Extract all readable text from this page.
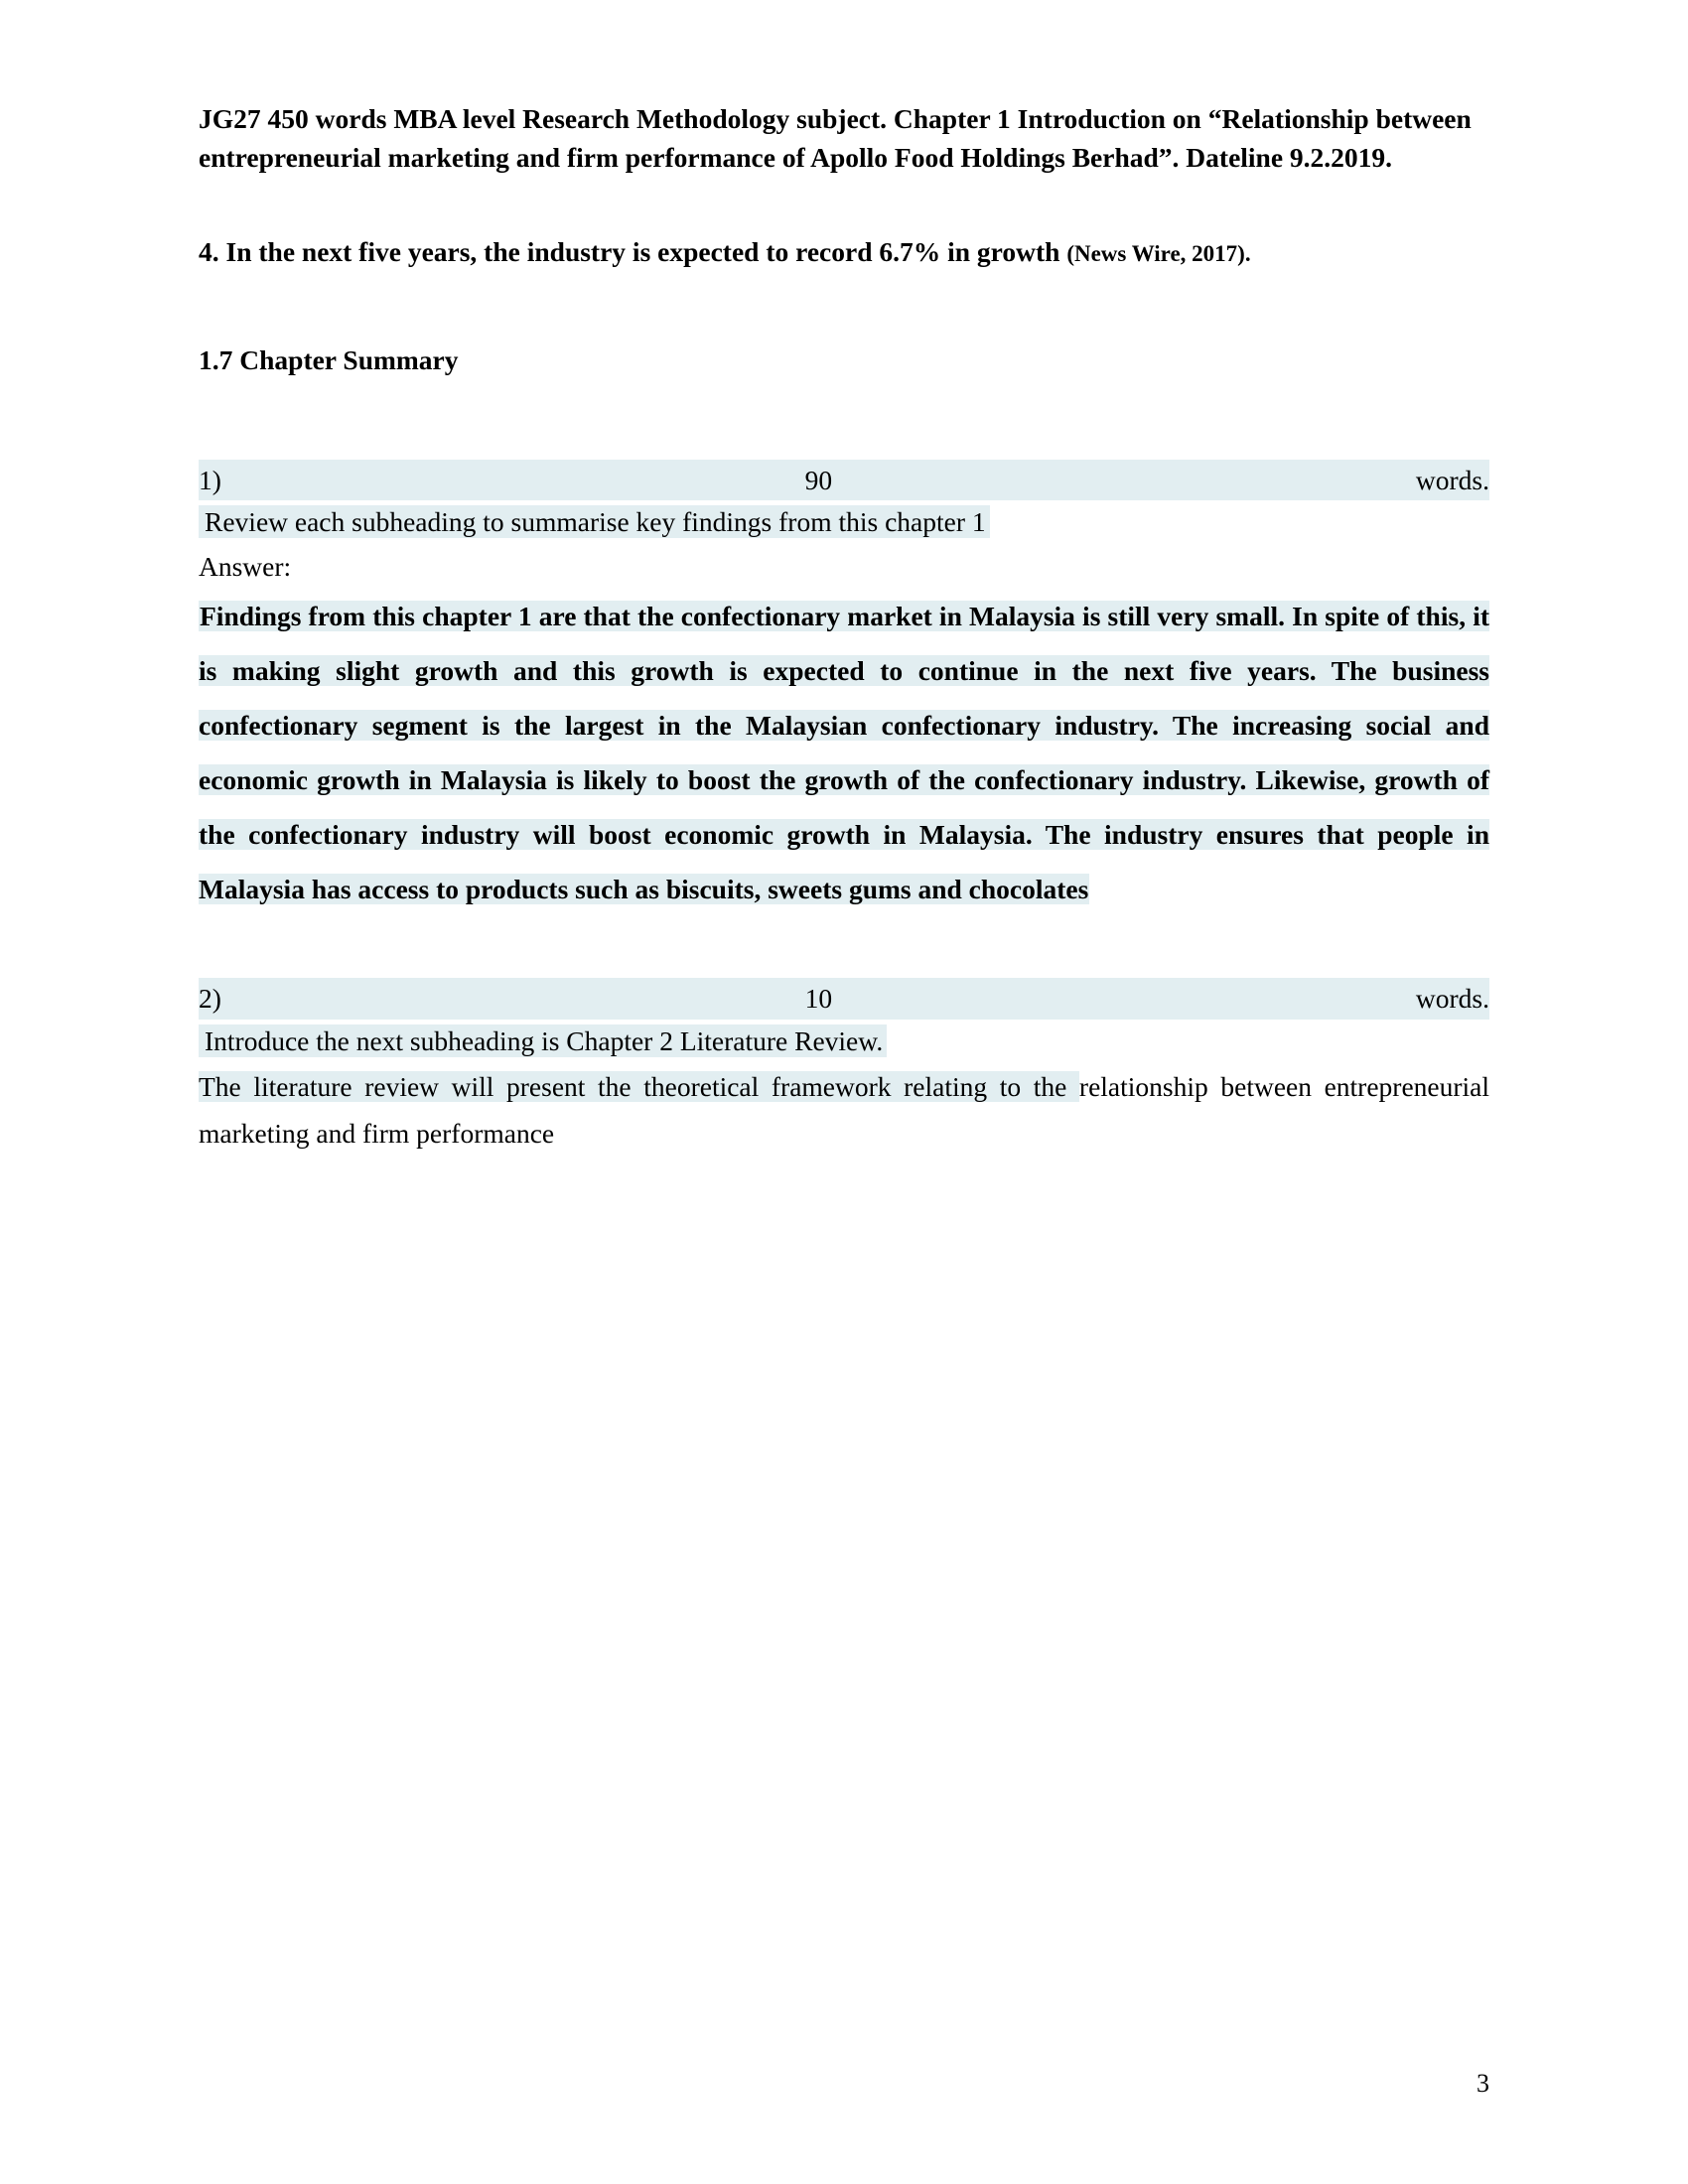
JG27 450 words MBA level Research Methodology subject. Chapter 1 Introduction on “Relationship between entrepreneurial marketing and firm performance of Apollo Food Holdings Berhad”. Dateline 9.2.2019.

4. In the next five years, the industry is expected to record 6.7% in growth (News Wire, 2017).

1.7 Chapter Summary

1)	90	words.

Review each subheading to summarise key findings from this chapter 1

Answer:

Findings from this chapter 1 are that the confectionary market in Malaysia is still very small. In spite of this, it is making slight growth and this growth is expected to continue in the next five years. The business confectionary segment is the largest in the Malaysian confectionary industry. The increasing social and economic growth in Malaysia is likely to boost the growth of the confectionary industry. Likewise, growth of the confectionary industry will boost economic growth in Malaysia. The industry ensures that people in Malaysia has access to products such as biscuits, sweets gums and chocolates

2)	10	words.

Introduce the next subheading is Chapter 2 Literature Review.

The literature review will present the theoretical framework relating to the relationship between entrepreneurial marketing and firm performance

3
